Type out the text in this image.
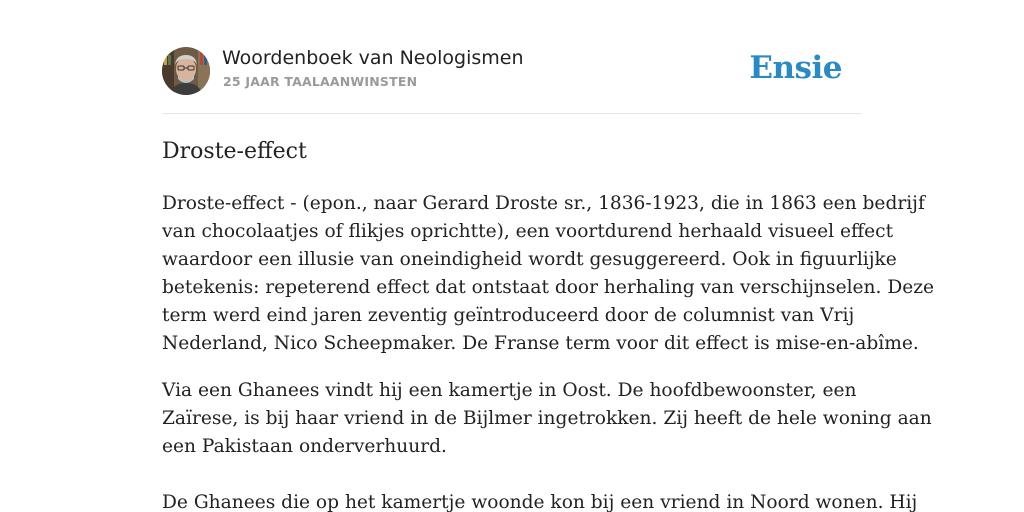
Woordenboek van Neologismen
25 JAAR TAALAANWINSTEN	Ensie
Droste-effect

Droste-effect - (epon., naar Gerard Droste sr., 1836-1923, die in 1863 een bedrijf
van chocolaatjes of flikjes oprichtte), een voortdurend herhaald visueel effect
waardoor een illusie van oneindigheid wordt gesuggereerd. Ook in figuurlijke
betekenis: repeterend effect dat ontstaat door herhaling van verschijnselen. Deze
term werd eind jaren zeventig geïntroduceerd door de columnist van Vrij
Nederland, Nico Scheepmaker. De Franse term voor dit effect is mise-en-abîme.

Via een Ghanees vindt hij een kamertje in Oost. De hoofdbewoonster, een
Zaïrese, is bij haar vriend in de Bijlmer ingetrokken. Zij heeft de hele woning aan
een Pakistaan onderverhuurd.

De Ghanees die op het kamertje woonde kon bij een vriend in Noord wonen. Hij
